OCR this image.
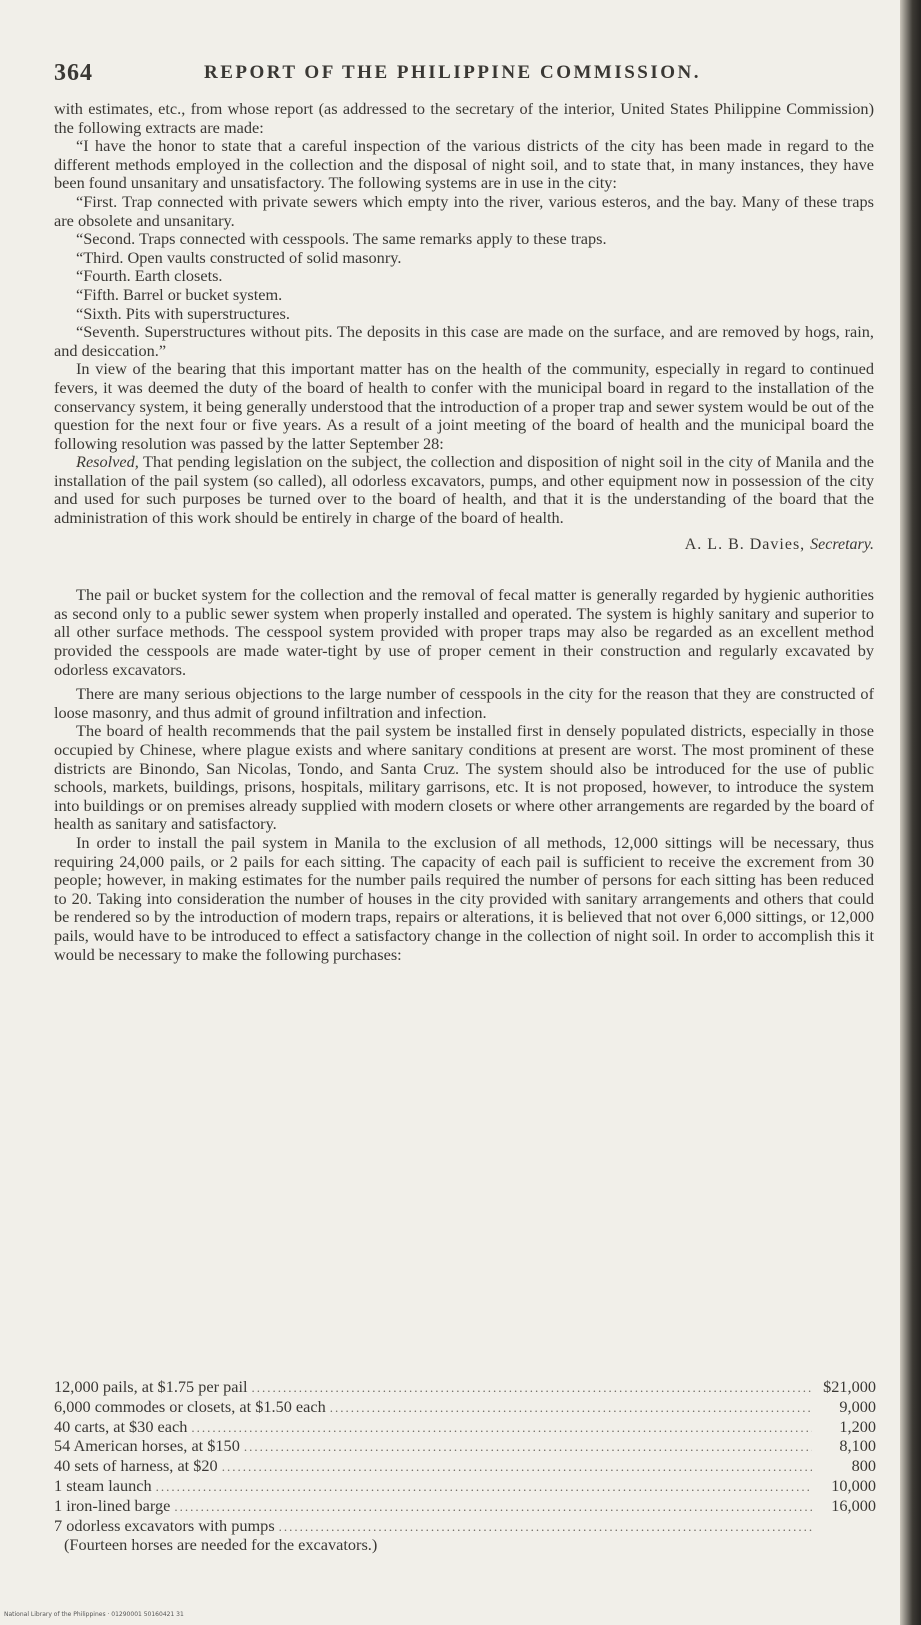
364	REPORT OF THE PHILIPPINE COMMISSION.

with estimates, etc., from whose report (as addressed to the secretary of the interior, United States Philippine Commission) the following extracts are made:

“I have the honor to state that a careful inspection of the various districts of the city has been made in regard to the different methods employed in the collection and the disposal of night soil, and to state that, in many instances, they have been found unsanitary and unsatisfactory. The following systems are in use in the city:

“First. Trap connected with private sewers which empty into the river, various esteros, and the bay. Many of these traps are obsolete and unsanitary.

“Second. Traps connected with cesspools. The same remarks apply to these traps.

“Third. Open vaults constructed of solid masonry.

“Fourth. Earth closets.

“Fifth. Barrel or bucket system.

“Sixth. Pits with superstructures.

“Seventh. Superstructures without pits. The deposits in this case are made on the surface, and are removed by hogs, rain, and desiccation.”

In view of the bearing that this important matter has on the health of the community, especially in regard to continued fevers, it was deemed the duty of the board of health to confer with the municipal board in regard to the installation of the conservancy system, it being generally understood that the introduction of a proper trap and sewer system would be out of the question for the next four or five years. As a result of a joint meeting of the board of health and the municipal board the following resolution was passed by the latter September 28:

Resolved, That pending legislation on the subject, the collection and disposition of night soil in the city of Manila and the installation of the pail system (so called), all odorless excavators, pumps, and other equipment now in possession of the city and used for such purposes be turned over to the board of health, and that it is the understanding of the board that the administration of this work should be entirely in charge of the board of health.

A. L. B. Davies, Secretary.

The pail or bucket system for the collection and the removal of fecal matter is generally regarded by hygienic authorities as second only to a public sewer system when properly installed and operated. The system is highly sanitary and superior to all other surface methods. The cesspool system provided with proper traps may also be regarded as an excellent method provided the cesspools are made water-tight by use of proper cement in their construction and regularly excavated by odorless excavators.

There are many serious objections to the large number of cesspools in the city for the reason that they are constructed of loose masonry, and thus admit of ground infiltration and infection.

The board of health recommends that the pail system be installed first in densely populated districts, especially in those occupied by Chinese, where plague exists and where sanitary conditions at present are worst. The most prominent of these districts are Binondo, San Nicolas, Tondo, and Santa Cruz. The system should also be introduced for the use of public schools, markets, buildings, prisons, hospitals, military garrisons, etc. It is not proposed, however, to introduce the system into buildings or on premises already supplied with modern closets or where other arrangements are regarded by the board of health as sanitary and satisfactory.

In order to install the pail system in Manila to the exclusion of all methods, 12,000 sittings will be necessary, thus requiring 24,000 pails, or 2 pails for each sitting. The capacity of each pail is sufficient to receive the excrement from 30 people; however, in making estimates for the number pails required the number of persons for each sitting has been reduced to 20. Taking into consideration the number of houses in the city provided with sanitary arrangements and others that could be rendered so by the introduction of modern traps, repairs or alterations, it is believed that not over 6,000 sittings, or 12,000 pails, would have to be introduced to effect a satisfactory change in the collection of night soil. In order to accomplish this it would be necessary to make the following purchases:

12,000 pails, at $1.75 per pail .....	$21,000
6,000 commodes or closets, at $1.50 each .....	9,000
40 carts, at $30 each .....	1,200
54 American horses, at $150 .....	8,100
40 sets of harness, at $20 .....	800
1 steam launch .....	10,000
1 iron-lined barge .....	16,000
7 odorless excavators with pumps
.....
(Fourteen horses are needed for the excavators.)
National Library of the Philippines · 01290001 50160421 31
